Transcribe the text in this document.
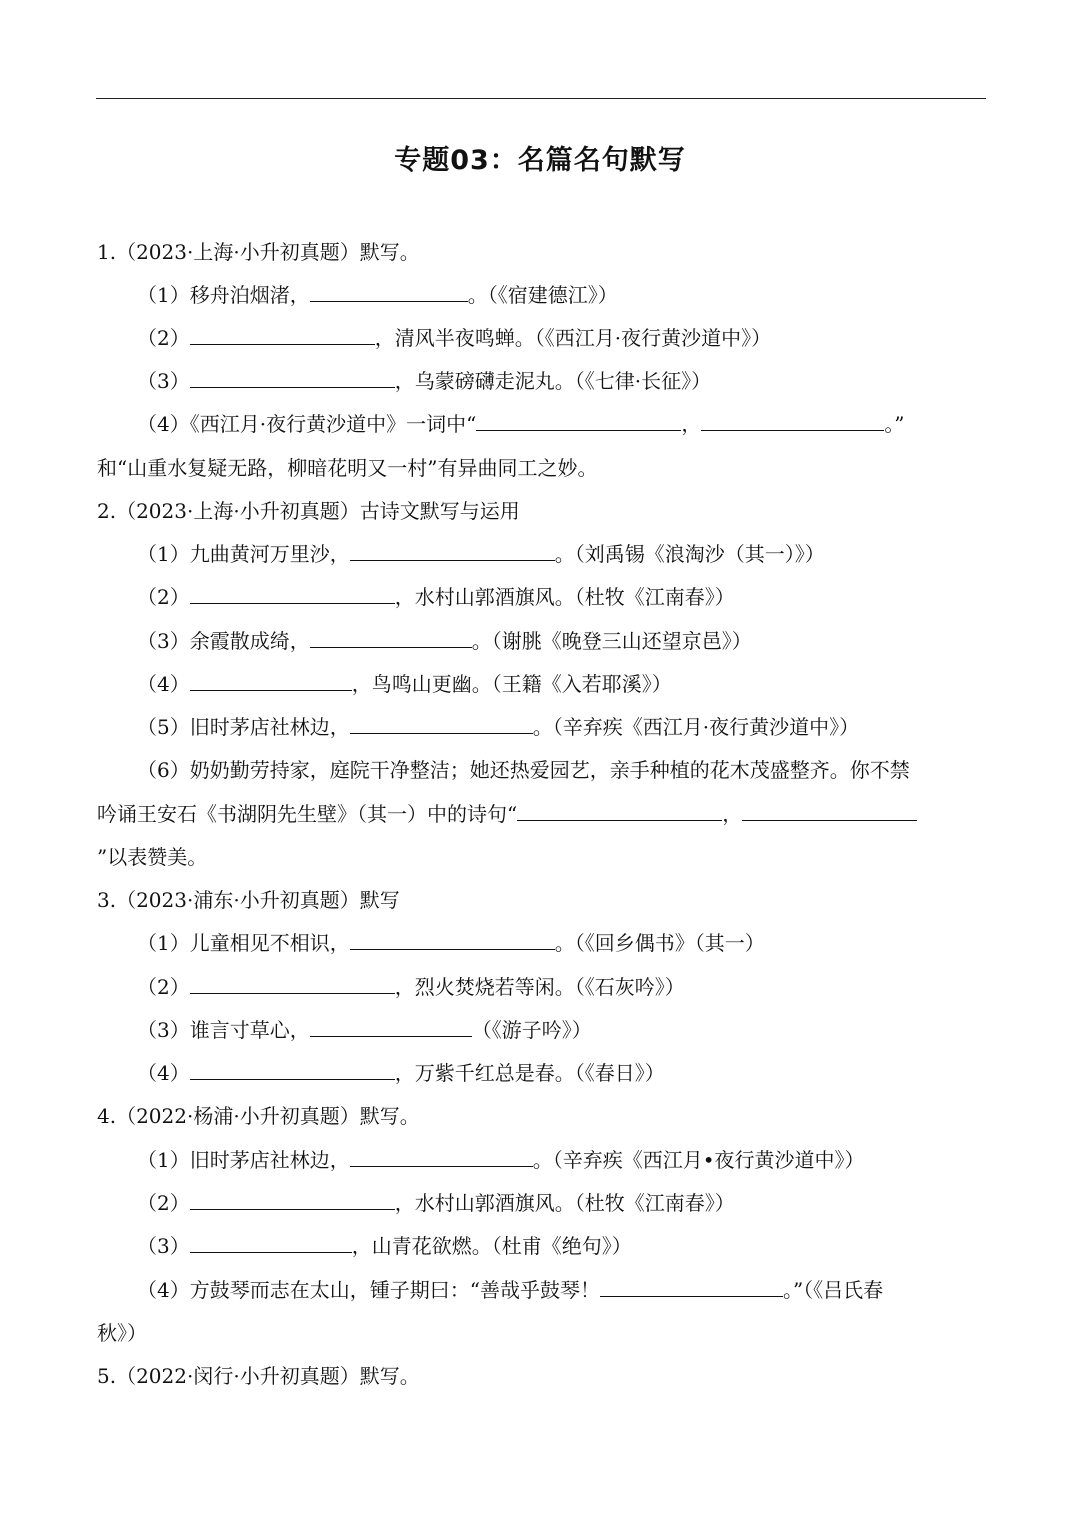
专题03：名篇名句默写
1.（2023·上海·小升初真题）默写。
（1）移舟泊烟渚，	。（《宿建德江》）
（2）	，清风半夜鸣蝉。（《西江月·夜行黄沙道中》）
（3）	，乌蒙磅礴走泥丸。（《七律·长征》）
（4）《西江月·夜行黄沙道中》一词中“	，	。”
和“山重水复疑无路，柳暗花明又一村”有异曲同工之妙。
2.（2023·上海·小升初真题）古诗文默写与运用
（1）九曲黄河万里沙，	。（刘禹锡《浪淘沙（其一）》）
（2）	，水村山郭酒旗风。（杜牧《江南春》）
（3）余霞散成绮，	。（谢朓《晚登三山还望京邑》）
（4）	，鸟鸣山更幽。（王籍《入若耶溪》）
（5）旧时茅店社林边，	。（辛弃疾《西江月·夜行黄沙道中》）
（6）奶奶勤劳持家，庭院干净整洁；她还热爱园艺，亲手种植的花木茂盛整齐。你不禁
吟诵王安石《书湖阴先生壁》（其一）中的诗句“	，
”以表赞美。
3.（2023·浦东·小升初真题）默写
（1）儿童相见不相识，	。（《回乡偶书》（其一）
（2）	，烈火焚烧若等闲。（《石灰吟》）
（3）谁言寸草心，	（《游子吟》）
（4）	，万紫千红总是春。（《春日》）
4.（2022·杨浦·小升初真题）默写。
（1）旧时茅店社林边，	。（辛弃疾《西江月•夜行黄沙道中》）
（2）	，水村山郭酒旗风。（杜牧《江南春》）
（3）	，山青花欲燃。（杜甫《绝句》）
（4）方鼓琴而志在太山，锺子期曰：“善哉乎鼓琴！	。”（《吕氏春
秋》）
5.（2022·闵行·小升初真题）默写。
